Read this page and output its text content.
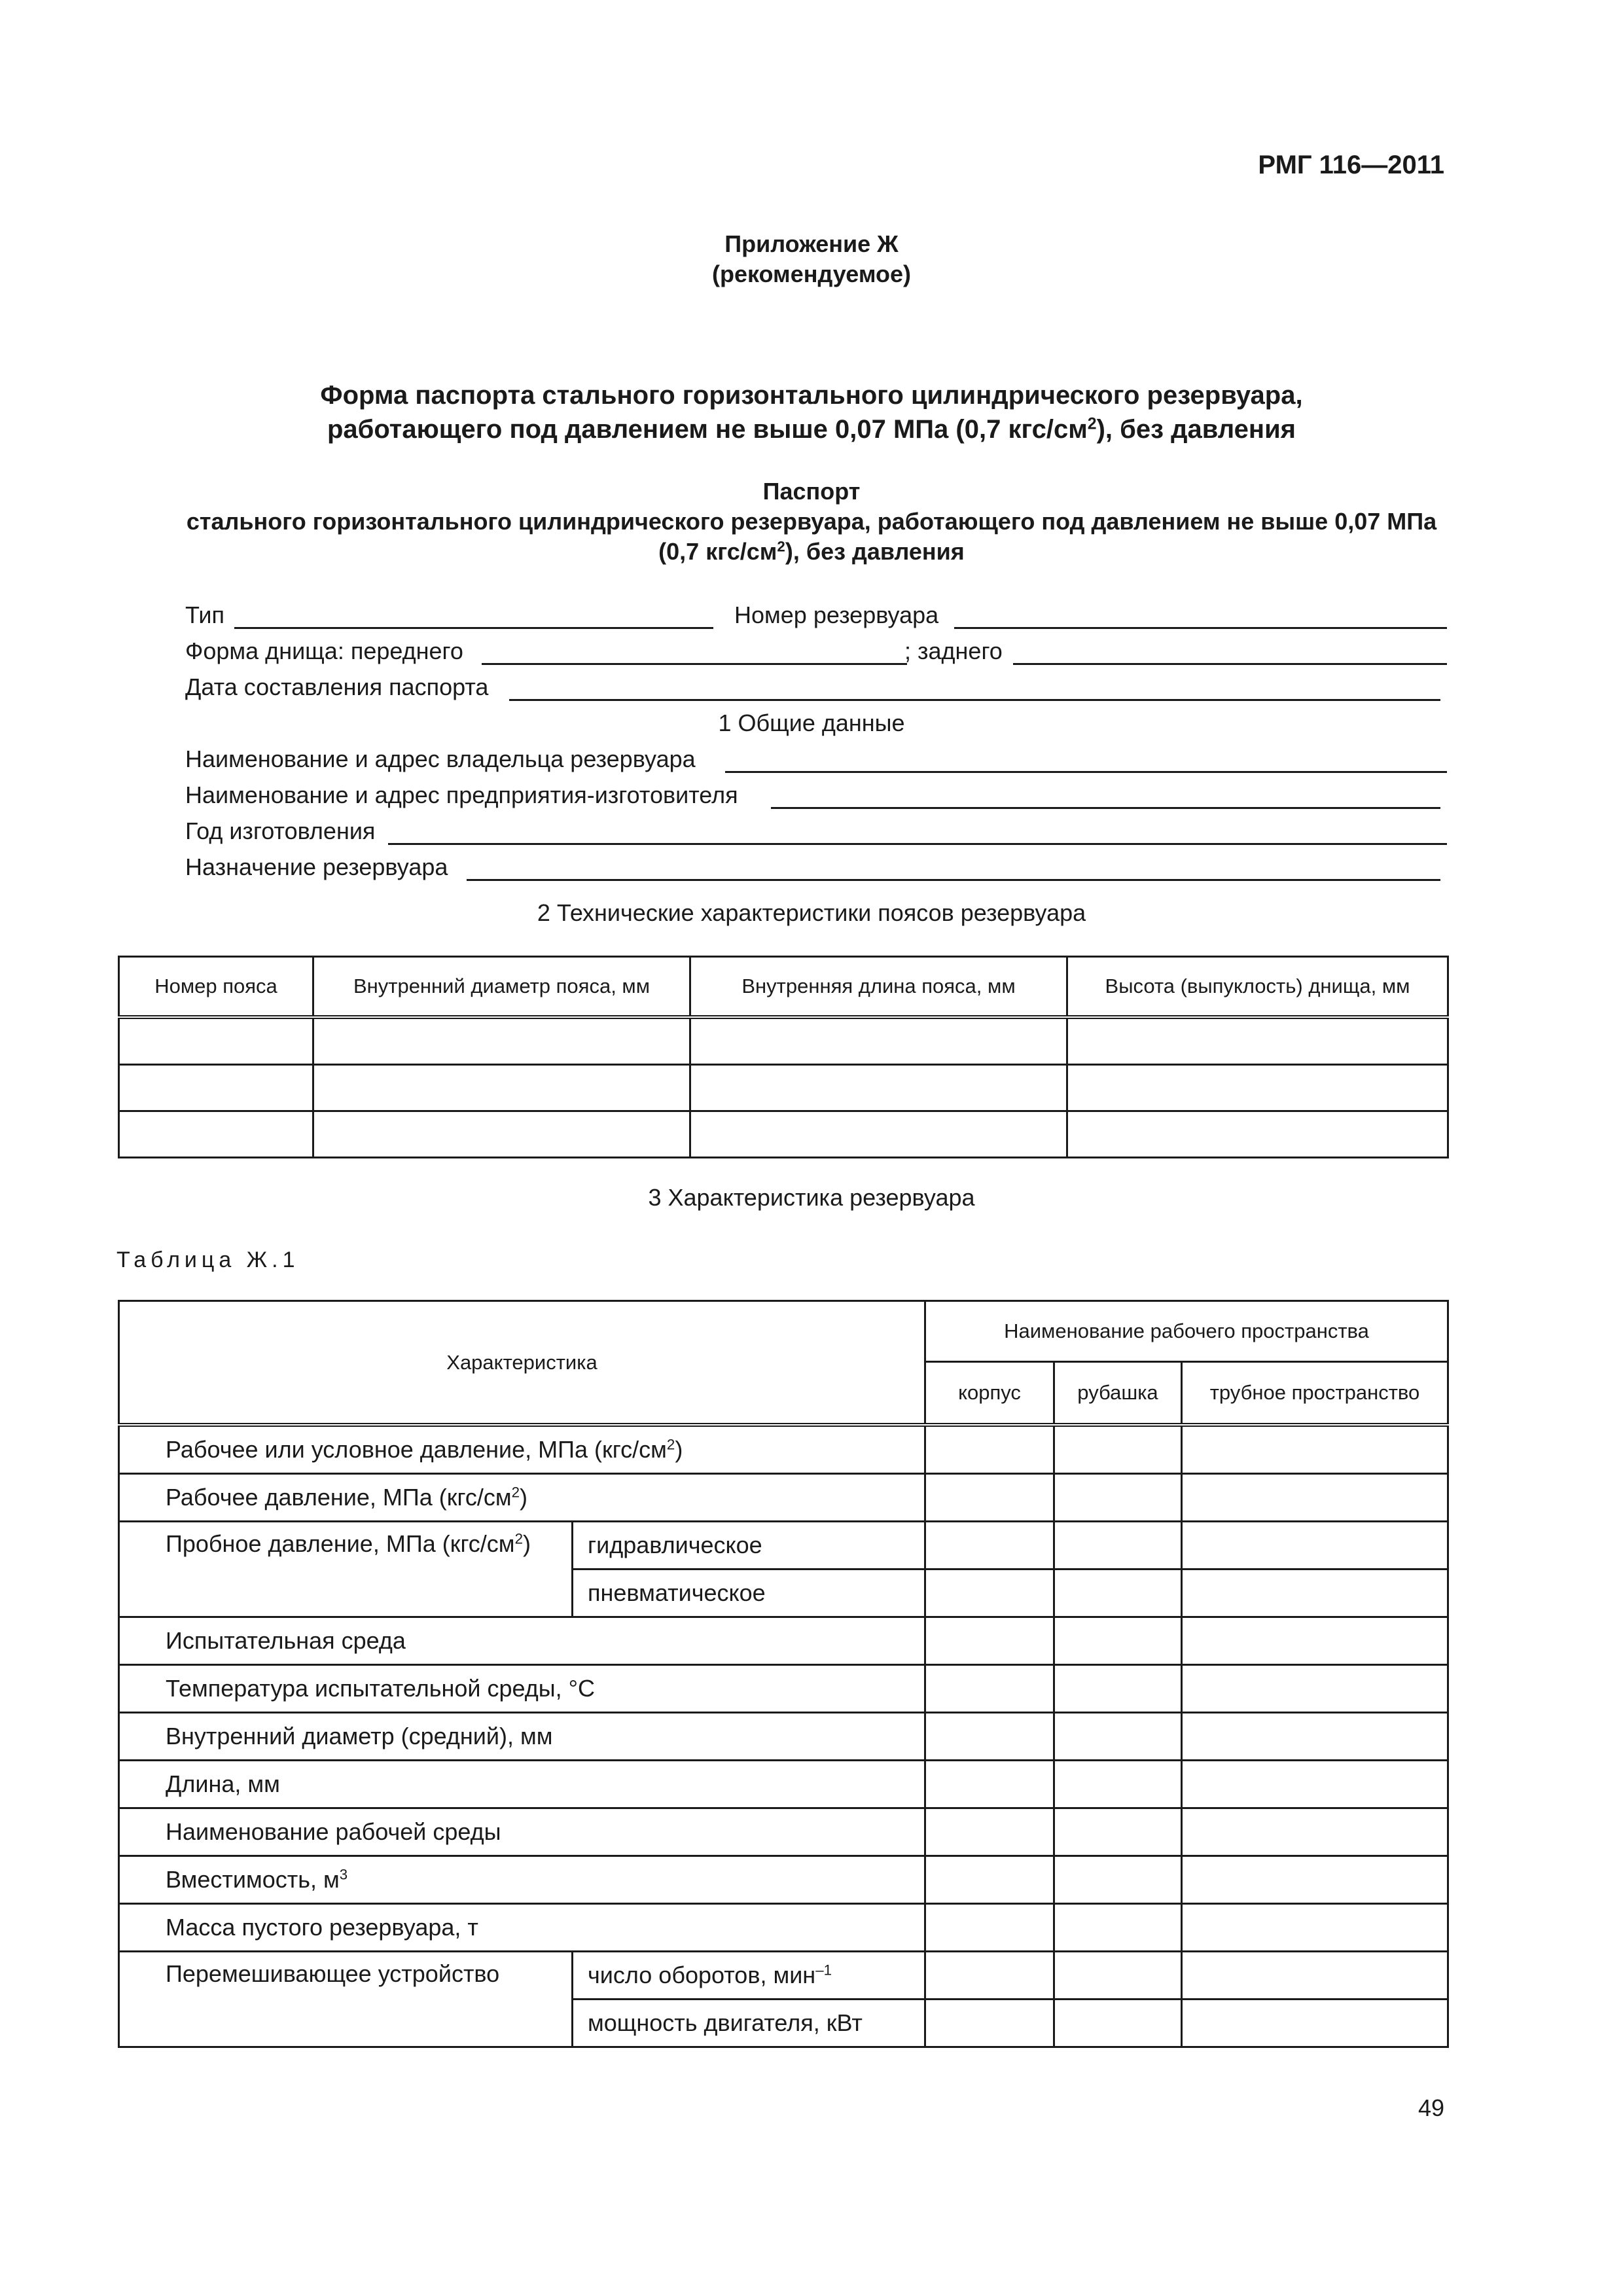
РМГ 116—2011
Приложение Ж
(рекомендуемое)
Форма паспорта стального горизонтального цилиндрического резервуара,
работающего под давлением не выше 0,07 МПа (0,7 кгс/$см^2$), без давления
Паспорт
стального горизонтального цилиндрического резервуара, работающего под давлением не выше 0,07 МПа
(0,7 кгс/$см^2$), без давления
Тип	Номер резервуара
Форма днища: переднего	; заднего
Дата составления паспорта
1 Общие данные
Наименование и адрес владельца резервуара
Наименование и адрес предприятия-изготовителя
Год изготовления
Назначение резервуара
2 Технические характеристики поясов резервуара
Номер пояса	Внутренний диаметр пояса, мм	Внутренняя длина пояса, мм	Высота (выпуклость) днища, мм

3 Характеристика резервуара
Таблица Ж.1
Характеристика		Наименование рабочего пространства		
		корпус	рубашка	трубное пространство
Рабочее или условное давление, МПа $(кгс/см^2)$				
Рабочее давление, МПа $(кгс/см^2)$				
Пробное давление, МПа $(кгс/см^2)$	гидравлическое			
	пневматическое			
Испытательная среда				
Температура испытательной среды, °С				
Внутренний диаметр (средний), мм				
Длина, мм				
Наименование рабочей среды				
Вместимость, $м^3$			
Масса пустого резервуара, т				
Перемешивающее устройство	число оборотов, мин$^{-1}$			
	мощность двигателя, кВт			
49
